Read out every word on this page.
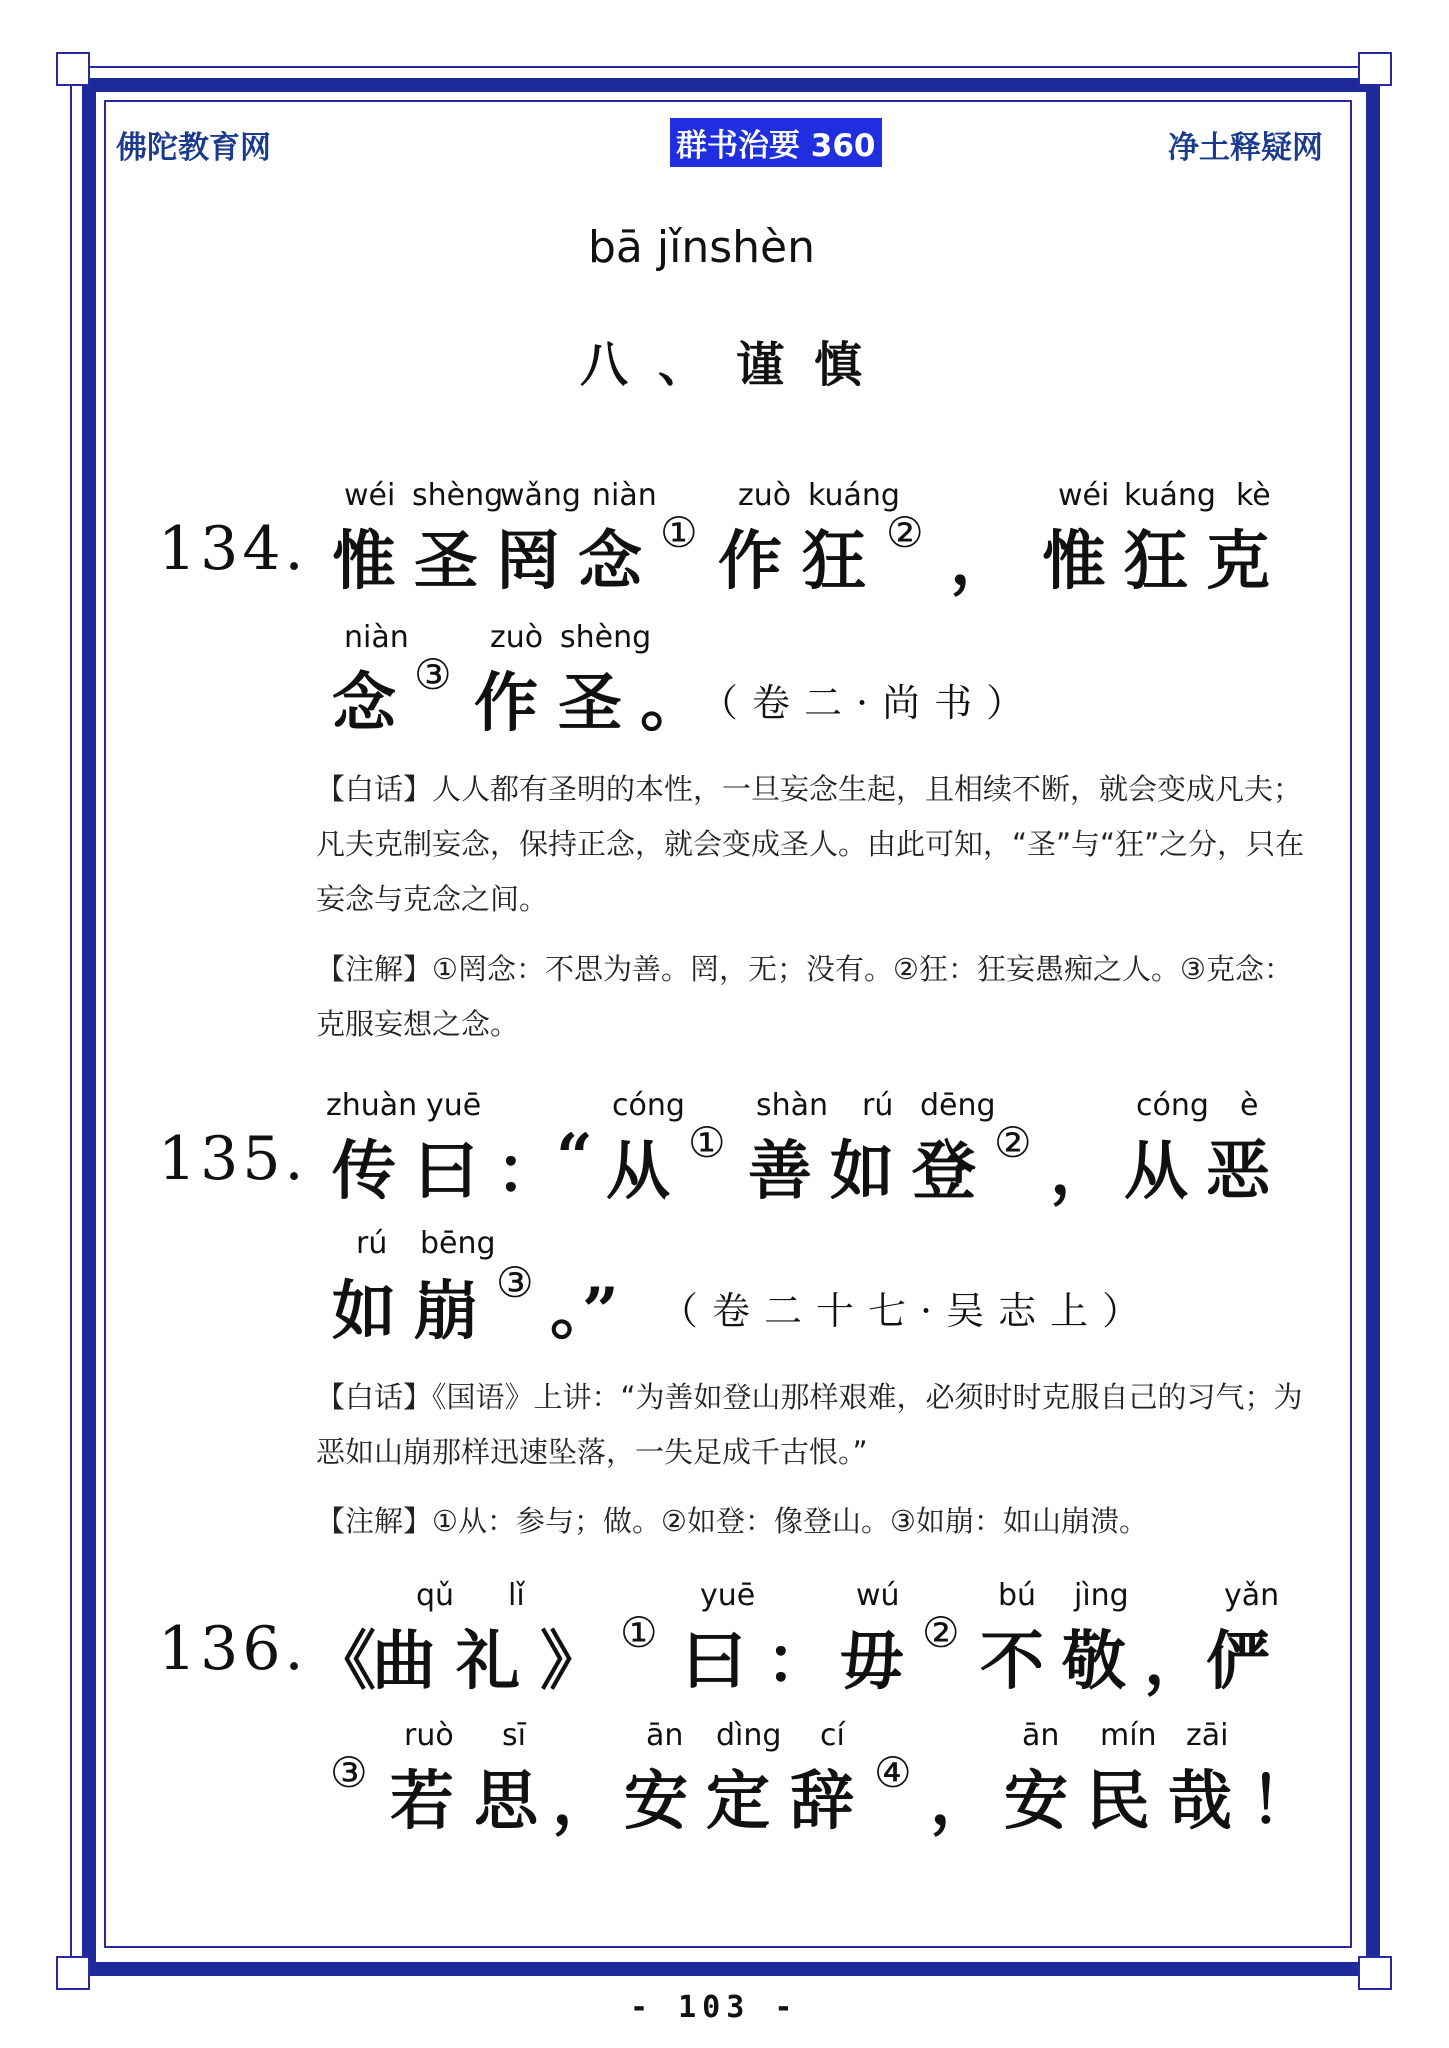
佛陀教育网	群书治要 360	净土释疑网
bā jǐnshèn
八、谨慎
wéi shèng
wǎng niàn	zuò kuáng	wéi kuáng kè
134. 惟 圣 罔 念 ① 作 狂 ② ， 惟 狂 克
niàn	zuò shèng
念 ③ 作 圣 。
（卷二·尚书）
【白话】人人都有圣明的本性，一旦妄念生起，且相续不断，就会变成凡夫；凡夫克制妄念，保持正念，就会变成圣人。由此可知，“圣”与“狂”之分，只在妄念与克念之间。
【注解】①罔念：不思为善。罔，无；没有。②狂：狂妄愚痴之人。③克念：克服妄想之念。
zhuàn yuē	cóng shàn rú dēng	cóng è
135. 传 曰 ：
“ 从 ① 善 如 登 ② ， 从 恶
rú bēng
如 崩 ③ 。” （卷二十七·吴志上）
【白话】《国语》上讲：“为善如登山那样艰难，必须时时克服自己的习气；为恶如山崩那样迅速坠落，一失足成千古恨。”
【注解】①从：参与；做。②如登：像登山。③如崩：如山崩溃。
qǔ lǐ	yuē	wú	bú jìng	yǎn
136. 《
曲 礼 》 ① 曰 ： 毋 ② 不 敬 ，
俨
ruò sī	ān dìng cí	ān mín zāi
③ 若 思 ， 安 定 辞 ④ ， 安 民 哉 ！
- 103 -
